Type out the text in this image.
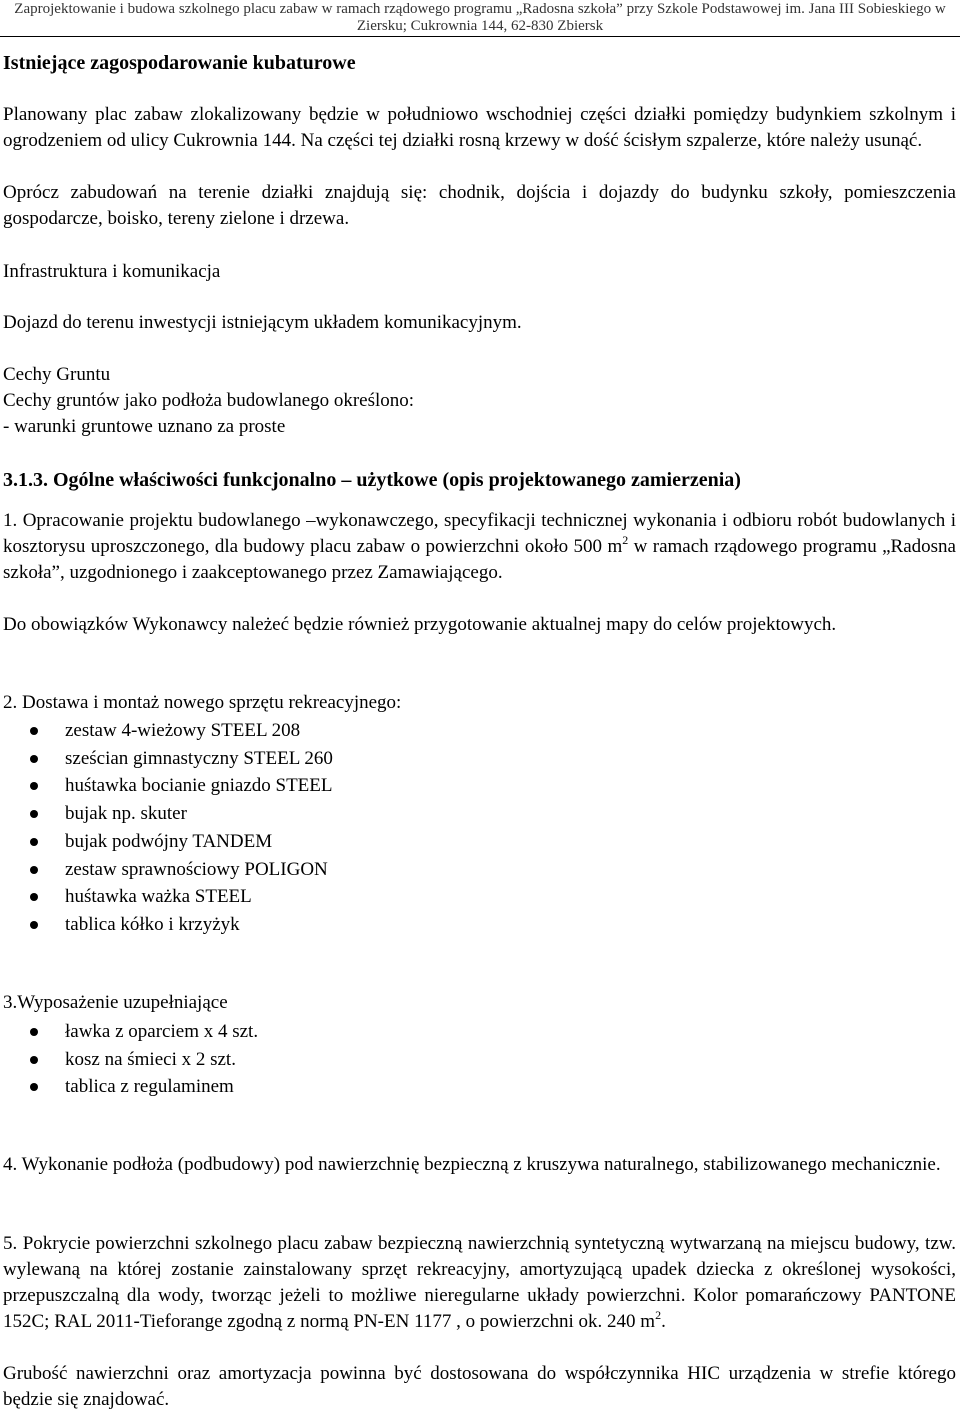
Zaprojektowanie i budowa szkolnego placu zabaw w ramach rządowego programu „Radosna szkoła” przy Szkole Podstawowej im. Jana III Sobieskiego w
Ziersku; Cukrownia 144, 62-830 Zbiersk
Istniejące zagospodarowanie kubaturowe

Planowany plac zabaw zlokalizowany będzie w południowo wschodniej części działki pomiędzy budynkiem szkolnym i ogrodzeniem od ulicy Cukrownia 144. Na części tej działki rosną krzewy w dość ścisłym szpalerze, które należy usunąć.

Oprócz zabudowań na terenie działki znajdują się: chodnik, dojścia i dojazdy do budynku szkoły, pomieszczenia gospodarcze, boisko, tereny zielone i drzewa.

Infrastruktura i komunikacja
Dojazd do terenu inwestycji istniejącym układem komunikacyjnym.
Cechy Gruntu
Cechy gruntów jako podłoża budowlanego określono:
- warunki gruntowe uznano za proste
3.1.3. Ogólne właściwości funkcjonalno – użytkowe (opis projektowanego zamierzenia)

1. Opracowanie projektu budowlanego –wykonawczego, specyfikacji technicznej wykonania i odbioru robót budowlanych i kosztorysu uproszczonego, dla budowy placu zabaw o powierzchni około 500 $m^2$ w ramach rządowego programu „Radosna szkoła”, uzgodnionego i zaakceptowanego przez Zamawiającego.

Do obowiązków Wykonawcy należeć będzie również przygotowanie aktualnej mapy do celów projektowych.

2. Dostawa i montaż nowego sprzętu rekreacyjnego:
zestaw 4-wieżowy STEEL 208
sześcian gimnastyczny STEEL 260
huśtawka bocianie gniazdo STEEL
bujak np. skuter
bujak podwójny TANDEM
zestaw sprawnościowy POLIGON
huśtawka ważka STEEL
tablica kółko i krzyżyk
3.Wyposażenie uzupełniające
ławka z oparciem x 4 szt.
kosz na śmieci x 2 szt.
tablica z regulaminem

4. Wykonanie podłoża (podbudowy) pod nawierzchnię bezpieczną z kruszywa naturalnego, stabilizowanego mechanicznie.

5. Pokrycie powierzchni szkolnego placu zabaw bezpieczną nawierzchnią syntetyczną wytwarzaną na miejscu budowy, tzw. wylewaną na której zostanie zainstalowany sprzęt rekreacyjny, amortyzującą upadek dziecka z określonej wysokości, przepuszczalną dla wody, tworząc jeżeli to możliwe nieregularne układy powierzchni. Kolor pomarańczowy PANTONE 152C; RAL 2011-Tieforange zgodną z normą PN-EN 1177 , o powierzchni ok. 240 $m^2$.

Grubość nawierzchni oraz amortyzacja powinna być dostosowana do współczynnika HIC urządzenia w strefie którego będzie się znajdować.
